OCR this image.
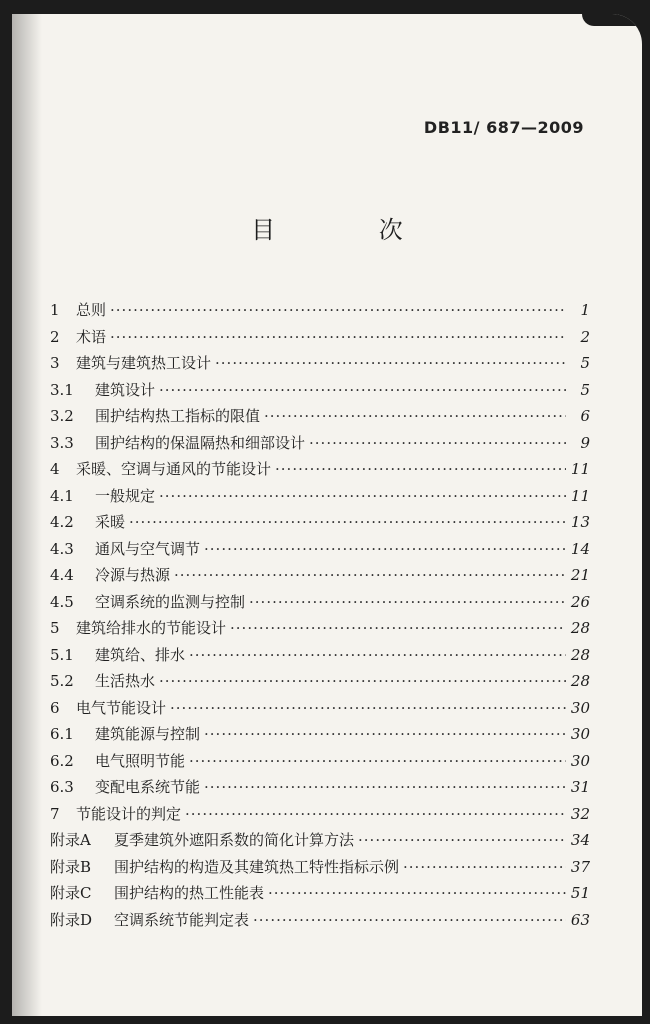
DB11/ 687—2009
目 次
1	总则 ·····	1
2	术语 ·····	2
3	建筑与建筑热工设计 ·····	5
3.1	建筑设计 ·····	5
3.2	围护结构热工指标的限值 ·····	6
3.3	围护结构的保温隔热和细部设计 ·····	9
4	采暖、空调与通风的节能设计 ·····	11
4.1	一般规定 ·····	11
4.2	采暖 ·····	13
4.3	通风与空气调节 ·····	14
4.4	冷源与热源 ·····	21
4.5	空调系统的监测与控制 ·····	26
5	建筑给排水的节能设计 ·····	28
5.1	建筑给、排水 ·····	28
5.2	生活热水 ·····	28
6	电气节能设计 ·····	30
6.1	建筑能源与控制 ·····	30
6.2	电气照明节能 ·····	30
6.3	变配电系统节能 ·····	31
7	节能设计的判定 ·····	32
附录A	夏季建筑外遮阳系数的简化计算方法 ·····	34
附录B	围护结构的构造及其建筑热工特性指标示例 ·····	37
附录C	围护结构的热工性能表 ·····	51
附录D	空调系统节能判定表 ·····	63
